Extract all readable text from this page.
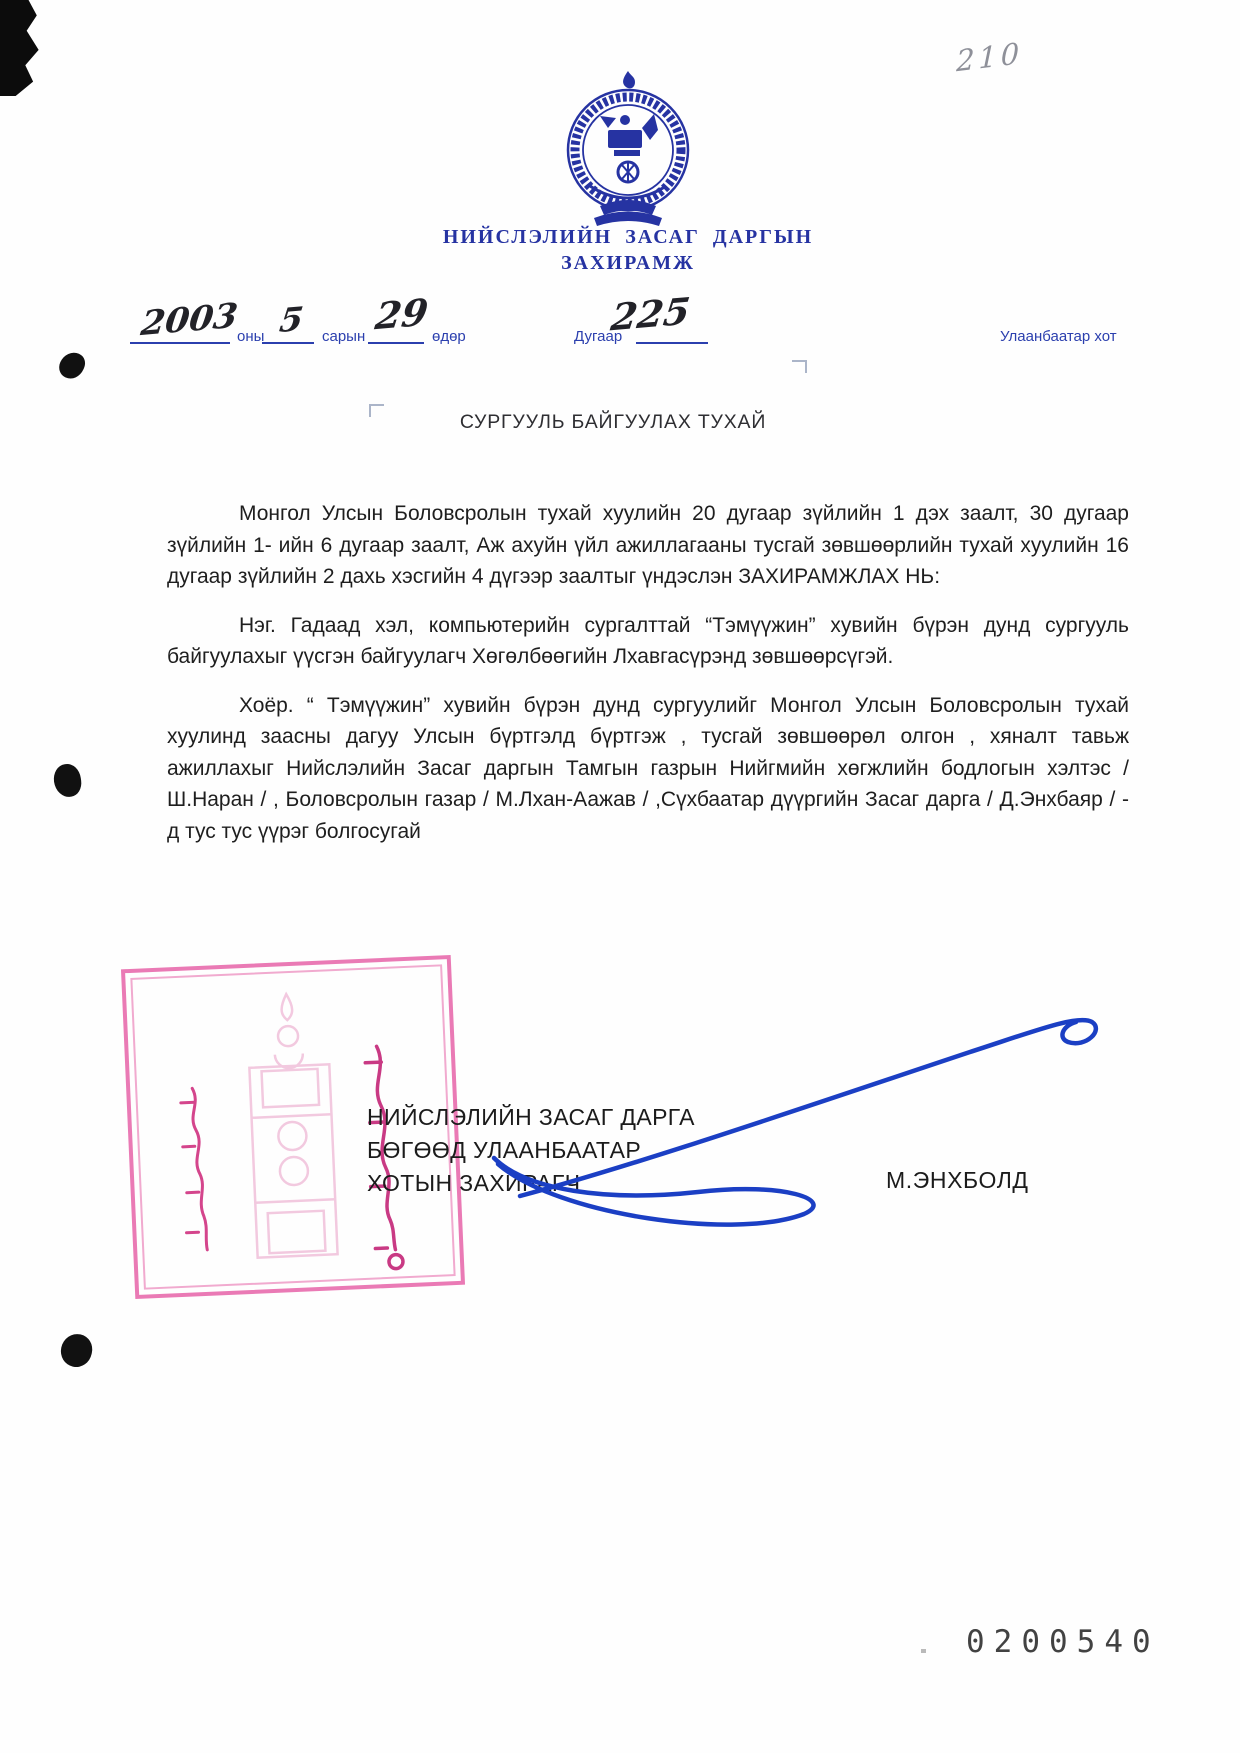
210
НИЙСЛЭЛИЙН ЗАСАГ ДАРГЫН
ЗАХИРАМЖ
2003
оны 5 сарын 29 өдөр	Дугаар
225	Улаанбаатар хот
СУРГУУЛЬ БАЙГУУЛАХ ТУХАЙ

Монгол Улсын Боловсролын тухай хуулийн 20 дугаар зүйлийн 1 дэх заалт, 30 дугаар зүйлийн 1- ийн 6 дугаар заалт, Аж ахуйн үйл ажиллагааны тусгай зөвшөөрлийн тухай хуулийн 16 дугаар зүйлийн 2 дахь хэсгийн 4 дүгээр заалтыг үндэслэн ЗАХИРАМЖЛАХ НЬ:

Нэг. Гадаад хэл, компьютерийн сургалттай “Тэмүүжин” хувийн бүрэн дунд сургууль байгуулахыг үүсгэн байгуулагч Хөгөлбөөгийн Лхавгасүрэнд зөвшөөрсүгэй.

Хоёр. “ Тэмүүжин” хувийн бүрэн дунд сургуулийг Монгол Улсын Боловсролын тухай хуулинд заасны дагуу Улсын бүртгэлд бүртгэж , тусгай зөвшөөрөл олгон , хяналт тавьж ажиллахыг Нийслэлийн Засаг даргын Тамгын газрын Нийгмийн хөгжлийн бодлогын хэлтэс / Ш.Наран / , Боловсролын газар / М.Лхан-Аажав / ,Сүхбаатар дүүргийн Засаг дарга / Д.Энхбаяр / - д тус тус үүрэг болгосугай

НИЙСЛЭЛИЙН ЗАСАГ ДАРГА
БӨГӨӨД УЛААНБААТАР
ХОТЫН ЗАХИРАГЧ	М.ЭНХБОЛД
0200540
